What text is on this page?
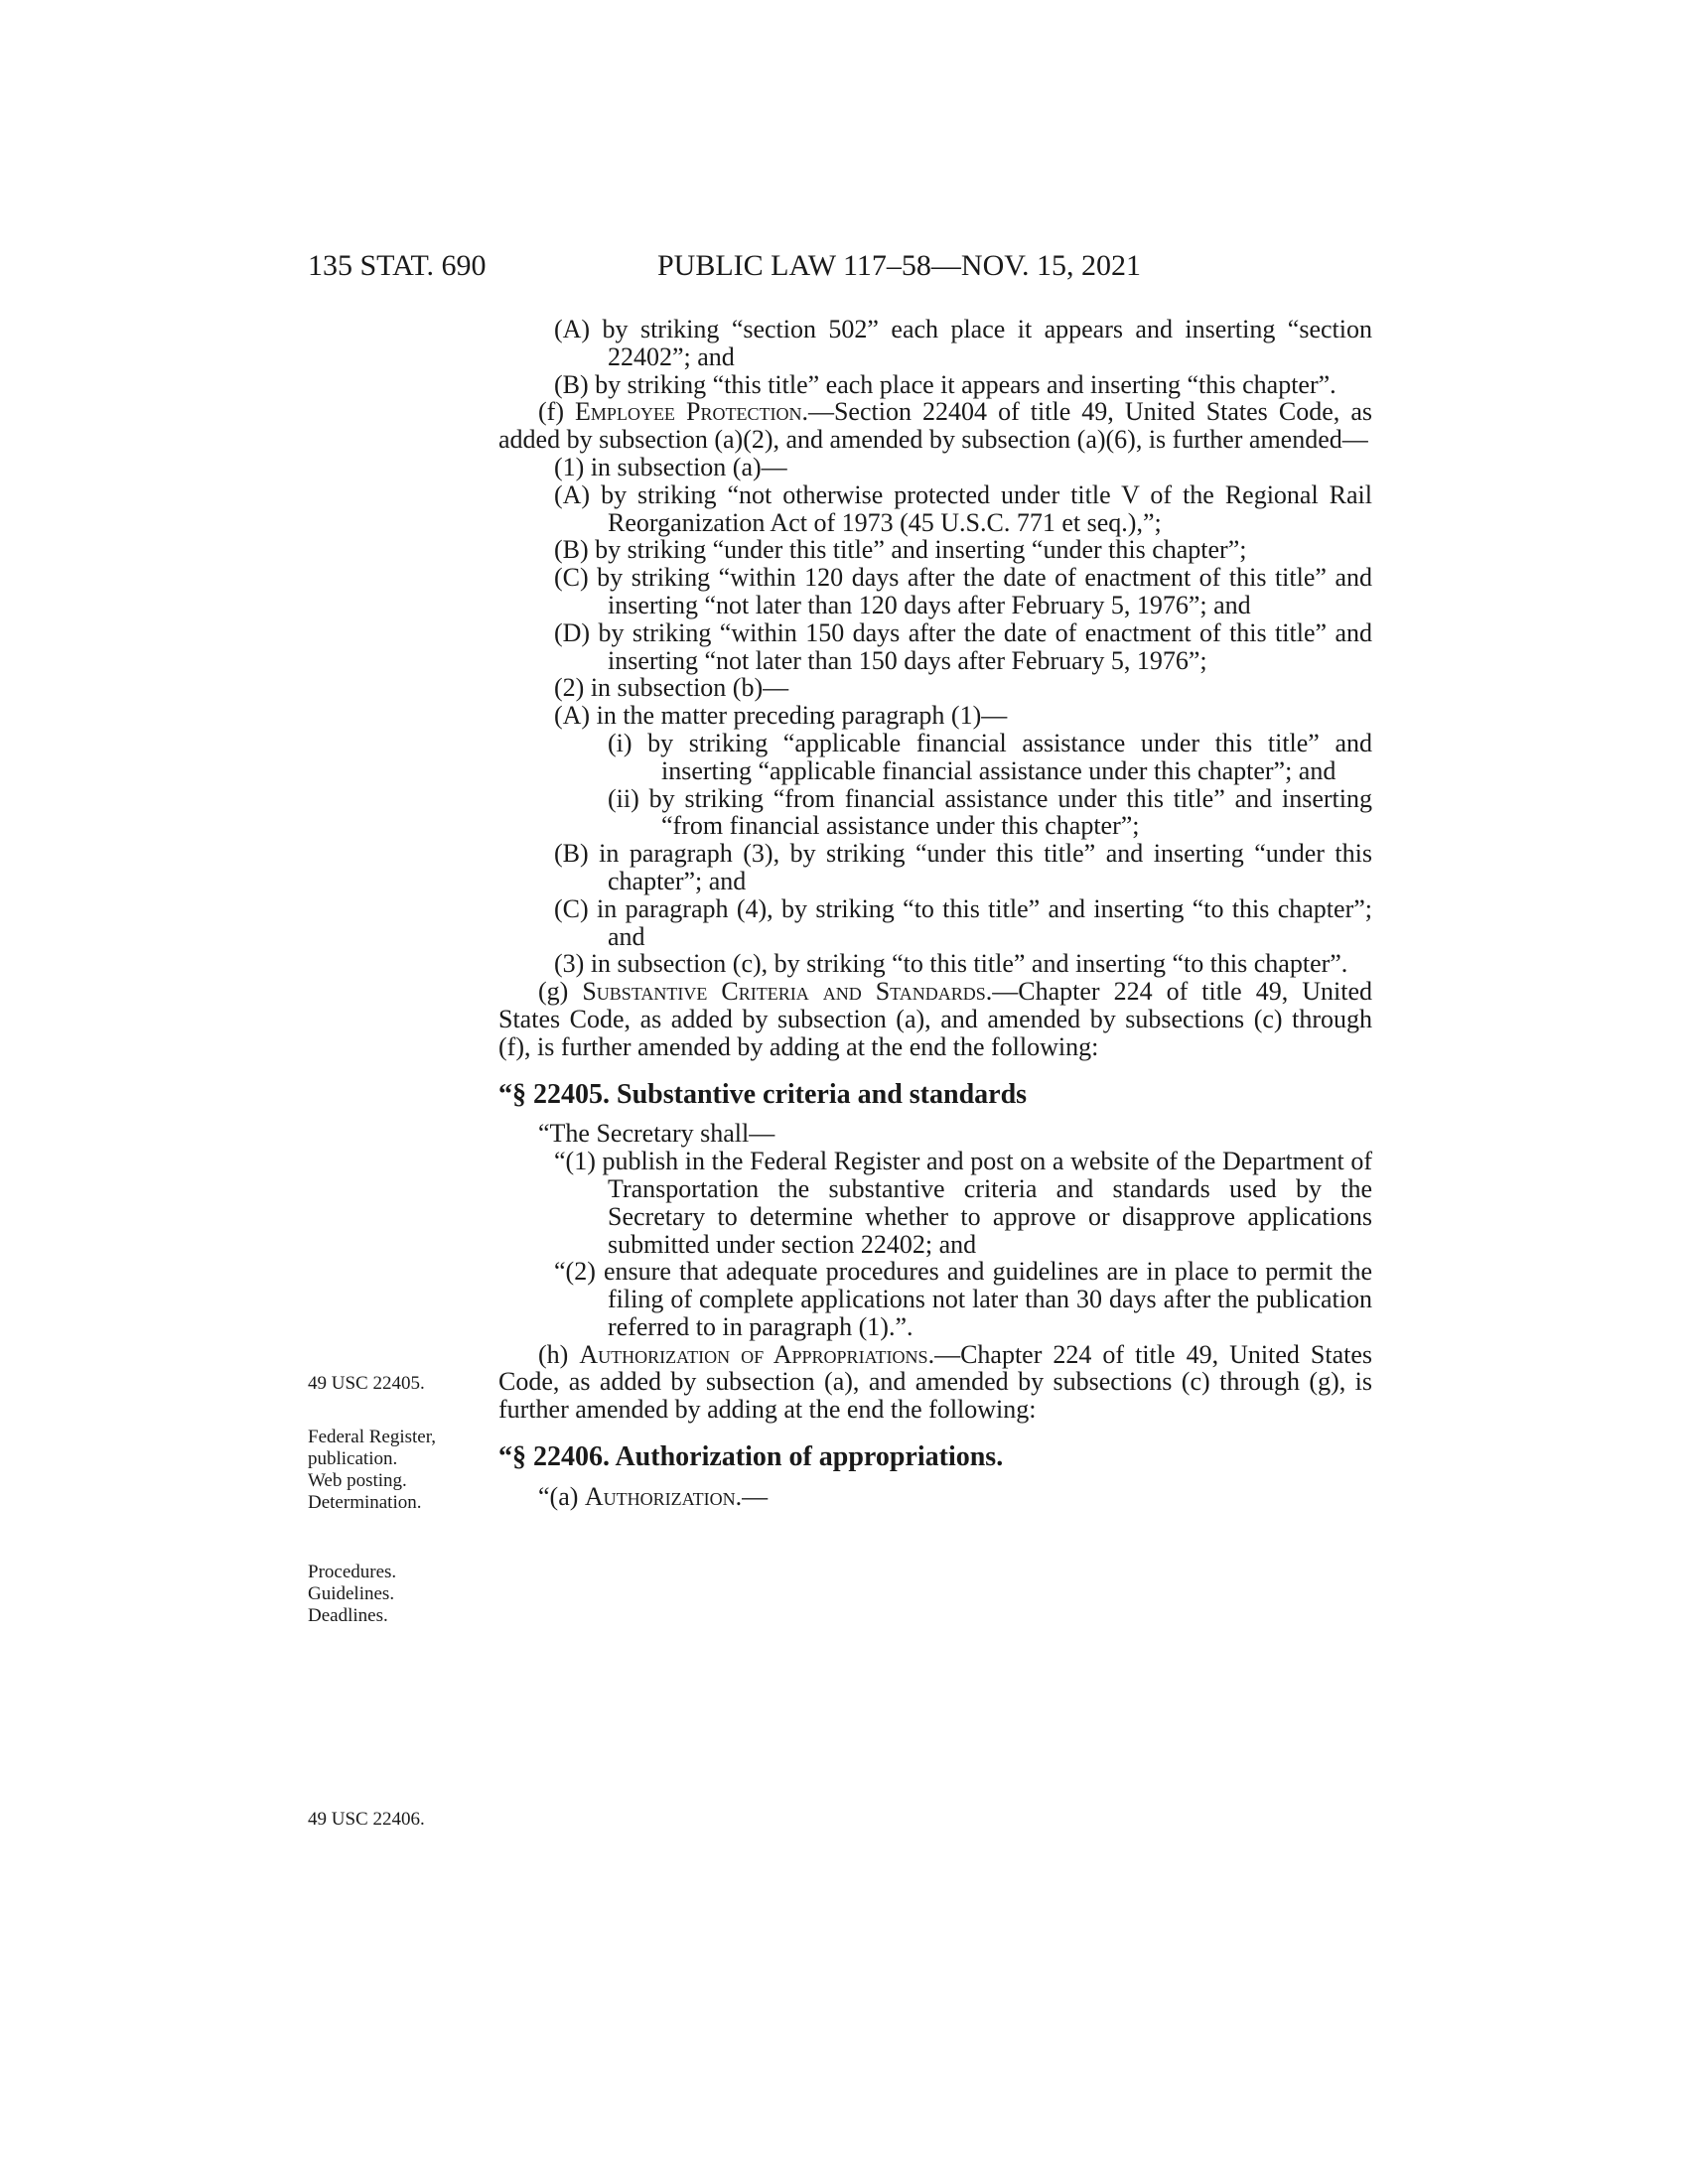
135 STAT. 690	PUBLIC LAW 117–58—NOV. 15, 2021
49 USC 22405.
Federal Register,
publication.
Web posting.
Determination.
Procedures.
Guidelines.
Deadlines.
49 USC 22406.

(A) by striking “section 502” each place it appears and inserting “section 22402”; and

(B) by striking “this title” each place it appears and inserting “this chapter”.

(f) Employee Protection.—Section 22404 of title 49, United States Code, as added by subsection (a)(2), and amended by subsection (a)(6), is further amended—

(1) in subsection (a)—

(A) by striking “not otherwise protected under title V of the Regional Rail Reorganization Act of 1973 (45 U.S.C. 771 et seq.),”;

(B) by striking “under this title” and inserting “under this chapter”;

(C) by striking “within 120 days after the date of enactment of this title” and inserting “not later than 120 days after February 5, 1976”; and

(D) by striking “within 150 days after the date of enactment of this title” and inserting “not later than 150 days after February 5, 1976”;

(2) in subsection (b)—

(A) in the matter preceding paragraph (1)—

(i) by striking “applicable financial assistance under this title” and inserting “applicable financial assistance under this chapter”; and

(ii) by striking “from financial assistance under this title” and inserting “from financial assistance under this chapter”;

(B) in paragraph (3), by striking “under this title” and inserting “under this chapter”; and

(C) in paragraph (4), by striking “to this title” and inserting “to this chapter”; and

(3) in subsection (c), by striking “to this title” and inserting “to this chapter”.

(g) Substantive Criteria and Standards.—Chapter 224 of title 49, United States Code, as added by subsection (a), and amended by subsections (c) through (f), is further amended by adding at the end the following:

“§ 22405. Substantive criteria and standards

“The Secretary shall—

“(1) publish in the Federal Register and post on a website of the Department of Transportation the substantive criteria and standards used by the Secretary to determine whether to approve or disapprove applications submitted under section 22402; and

“(2) ensure that adequate procedures and guidelines are in place to permit the filing of complete applications not later than 30 days after the publication referred to in paragraph (1).”.

(h) Authorization of Appropriations.—Chapter 224 of title 49, United States Code, as added by subsection (a), and amended by subsections (c) through (g), is further amended by adding at the end the following:

“§ 22406. Authorization of appropriations.

“(a) Authorization.—
